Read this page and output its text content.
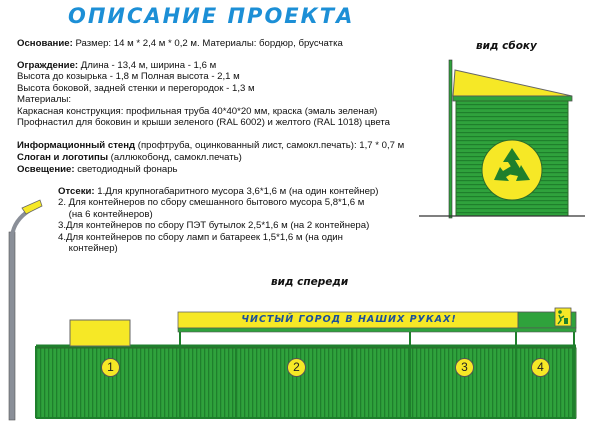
ОПИСАНИЕ ПРОЕКТА
Основание: Размер: 14 м * 2,4 м * 0,2 м. Материалы: бордюр, брусчатка
Ограждение: Длина - 13,4 м, ширина - 1,6 м
Высота до козырька - 1,8 м Полная высота - 2,1 м
Высота боковой, задней стенки и перегородок - 1,3 м
Материалы:
Каркасная конструкция: профильная труба 40*40*20 мм, краска (эмаль зеленая)
Профнастил для боковин и крыши зеленого (RAL 6002) и желтого (RAL 1018) цвета
Информационный стенд (профтруба, оцинкованный лист, самокл.печать): 1,7 * 0,7 м
Слоган и логотипы (аллюкобонд, самокл.печать)
Освещение: светодиодный фонарь
Отсеки: 1.Для крупногабаритного мусора 3,6*1,6 м (на один контейнер)
2. Для контейнеров по сбору смешанного бытового мусора 5,8*1,6 м
(на 6 контейнеров)
3.Для контейнеров по сбору ПЭТ бутылок 2,5*1,6 м (на 2 контейнера)
4.Для контейнеров по сбору ламп и батареек 1,5*1,6 м (на один
контейнер)
вид сбоку
вид спереди
ЧИСТЫЙ ГОРОД В НАШИХ РУКАХ!
1	2	3	4
